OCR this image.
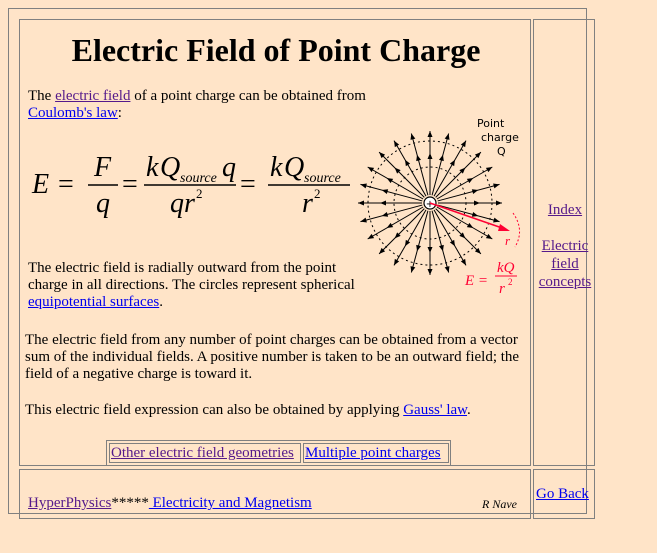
Electric Field of Point Charge

The electric field of a point charge can be obtained from Coulomb's law:

E =
F
q
=
k Q source q
q r 2 =
k Q source
r 2
+
r
Point
charge
Q
E =
kQ
r 2

The electric field is radially outward from the point charge in all directions. The circles represent spherical equipotential surfaces.

The electric field from any number of point charges can be obtained from a vector sum of the individual fields. A positive number is taken to be an outward field; the field of a negative charge is toward it.

This electric field expression can also be obtained by applying Gauss' law.

Other electric field geometries Multiple point charges
Index
Electric field concepts
HyperPhysics***** Electricity and Magnetism	R Nave
Go Back
